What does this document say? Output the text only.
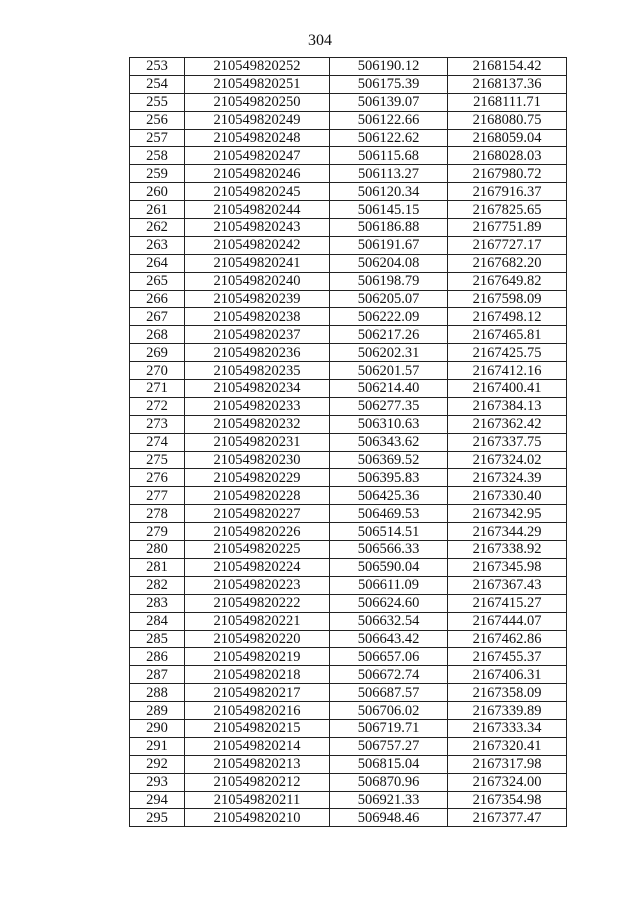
304
253	210549820252	506190.12	2168154.42
254	210549820251	506175.39	2168137.36
255	210549820250	506139.07	2168111.71
256	210549820249	506122.66	2168080.75
257	210549820248	506122.62	2168059.04
258	210549820247	506115.68	2168028.03
259	210549820246	506113.27	2167980.72
260	210549820245	506120.34	2167916.37
261	210549820244	506145.15	2167825.65
262	210549820243	506186.88	2167751.89
263	210549820242	506191.67	2167727.17
264	210549820241	506204.08	2167682.20
265	210549820240	506198.79	2167649.82
266	210549820239	506205.07	2167598.09
267	210549820238	506222.09	2167498.12
268	210549820237	506217.26	2167465.81
269	210549820236	506202.31	2167425.75
270	210549820235	506201.57	2167412.16
271	210549820234	506214.40	2167400.41
272	210549820233	506277.35	2167384.13
273	210549820232	506310.63	2167362.42
274	210549820231	506343.62	2167337.75
275	210549820230	506369.52	2167324.02
276	210549820229	506395.83	2167324.39
277	210549820228	506425.36	2167330.40
278	210549820227	506469.53	2167342.95
279	210549820226	506514.51	2167344.29
280	210549820225	506566.33	2167338.92
281	210549820224	506590.04	2167345.98
282	210549820223	506611.09	2167367.43
283	210549820222	506624.60	2167415.27
284	210549820221	506632.54	2167444.07
285	210549820220	506643.42	2167462.86
286	210549820219	506657.06	2167455.37
287	210549820218	506672.74	2167406.31
288	210549820217	506687.57	2167358.09
289	210549820216	506706.02	2167339.89
290	210549820215	506719.71	2167333.34
291	210549820214	506757.27	2167320.41
292	210549820213	506815.04	2167317.98
293	210549820212	506870.96	2167324.00
294	210549820211	506921.33	2167354.98
295	210549820210	506948.46	2167377.47
